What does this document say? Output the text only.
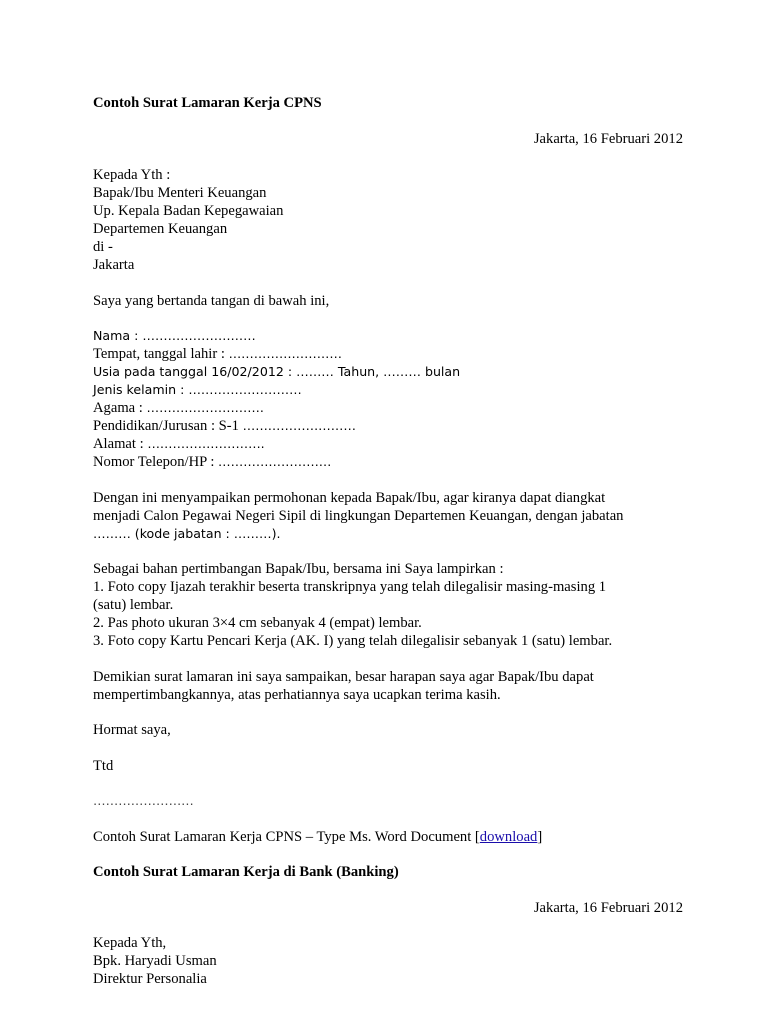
Contoh Surat Lamaran Kerja CPNS

Jakarta, 16 Februari 2012

Kepada Yth :

Bapak/Ibu Menteri Keuangan

Up. Kepala Badan Kepegawaian

Departemen Keuangan

di -

Jakarta

Saya yang bertanda tangan di bawah ini,

Nama : ………………………

Tempat, tanggal lahir : ………………………

Usia pada tanggal 16/02/2012 : ……… Tahun, ……… bulan

Jenis kelamin : ………………………

Agama : ……………………….

Pendidikan/Jurusan : S-1 ………………………

Alamat : ……………………….

Nomor Telepon/HP : ………………………

Dengan ini menyampaikan permohonan kepada Bapak/Ibu, agar kiranya dapat diangkat

menjadi Calon Pegawai Negeri Sipil di lingkungan Departemen Keuangan, dengan jabatan

……… (kode jabatan : ………).

Sebagai bahan pertimbangan Bapak/Ibu, bersama ini Saya lampirkan :

1. Foto copy Ijazah terakhir beserta transkripnya yang telah dilegalisir masing-masing 1

(satu) lembar.

2. Pas photo ukuran 3×4 cm sebanyak 4 (empat) lembar.

3. Foto copy Kartu Pencari Kerja (AK. I) yang telah dilegalisir sebanyak 1 (satu) lembar.

Demikian surat lamaran ini saya sampaikan, besar harapan saya agar Bapak/Ibu dapat

mempertimbangkannya, atas perhatiannya saya ucapkan terima kasih.

Hormat saya,

Ttd

……………………

Contoh Surat Lamaran Kerja CPNS – Type Ms. Word Document [download]

Contoh Surat Lamaran Kerja di Bank (Banking)

Jakarta, 16 Februari 2012

Kepada Yth,

Bpk. Haryadi Usman

Direktur Personalia
